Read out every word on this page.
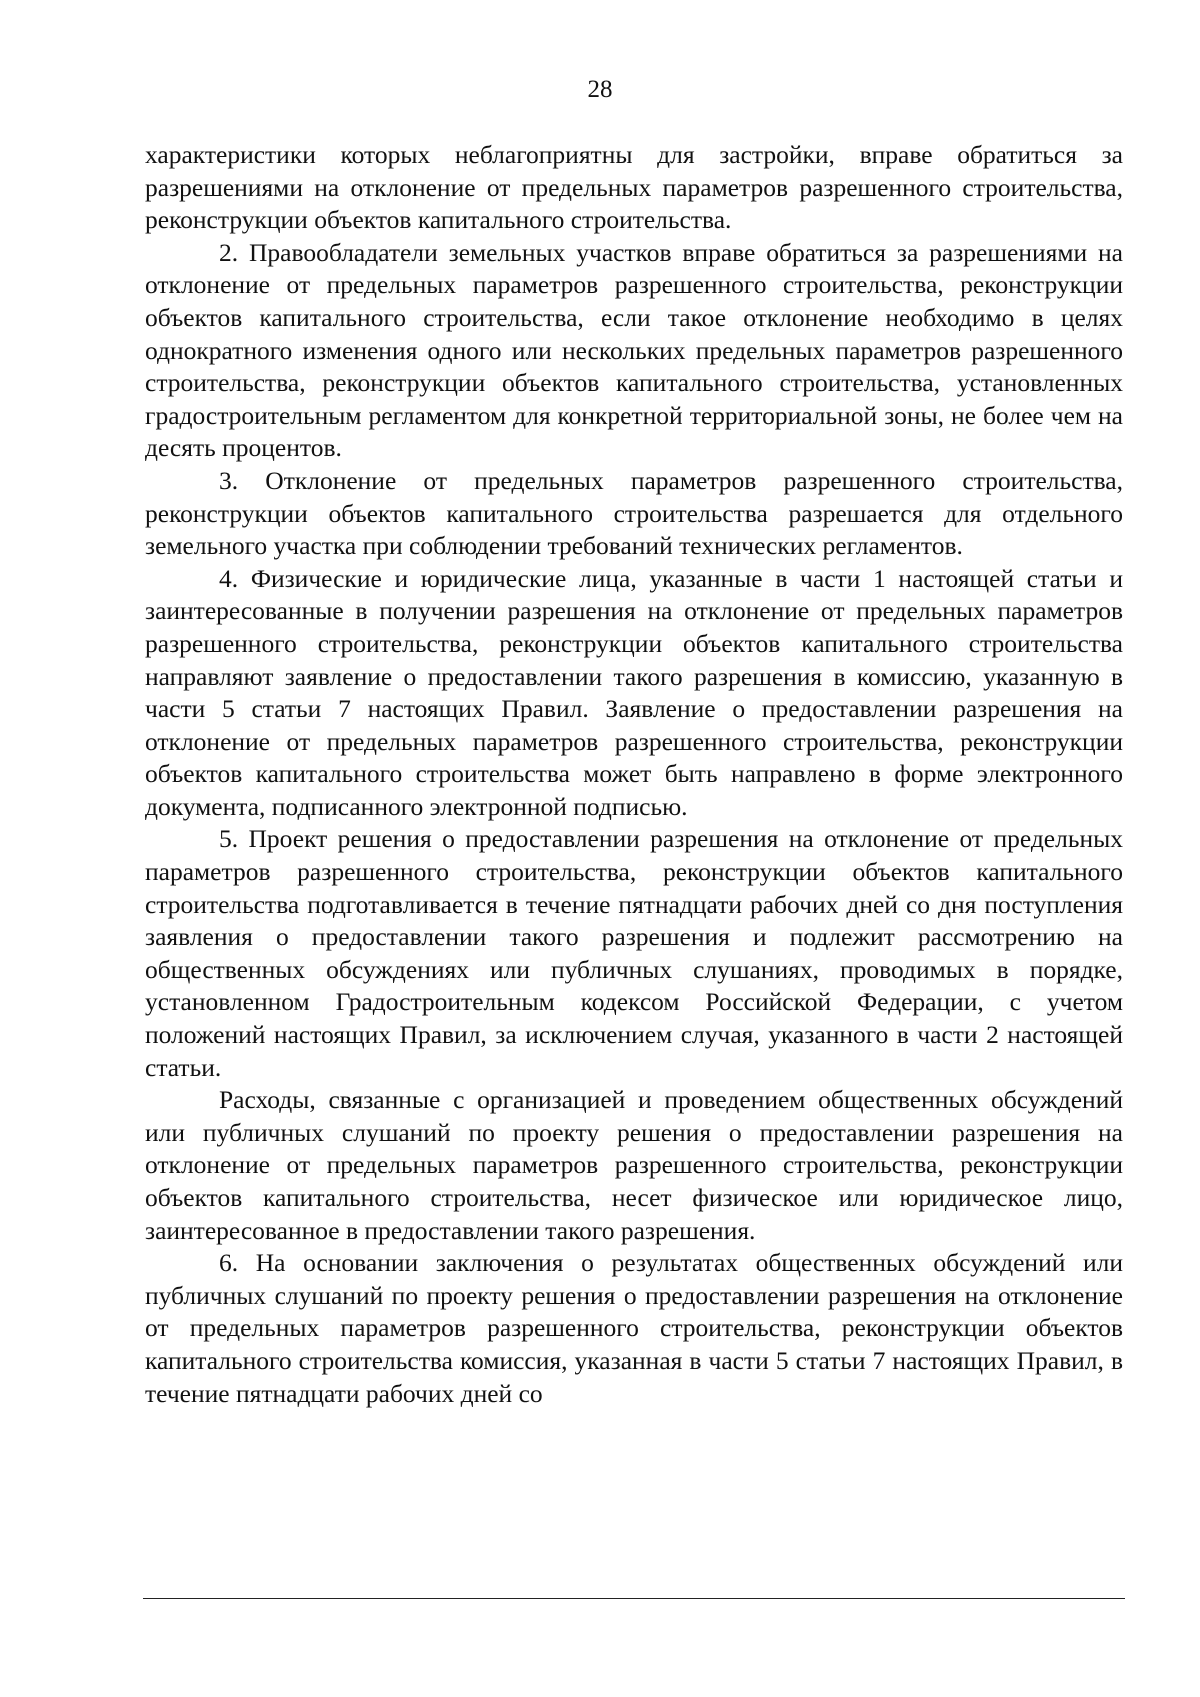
28

характеристики которых неблагоприятны для застройки, вправе обратиться за разрешениями на отклонение от предельных параметров разрешенного строительства, реконструкции объектов капитального строительства.

2. Правообладатели земельных участков вправе обратиться за разрешениями на отклонение от предельных параметров разрешенного строительства, реконструкции объектов капитального строительства, если такое отклонение необходимо в целях однократного изменения одного или нескольких предельных параметров разрешенного строительства, реконструкции объектов капитального строительства, установленных градостроительным регламентом для конкретной территориальной зоны, не более чем на десять процентов.

3. Отклонение от предельных параметров разрешенного строительства, реконструкции объектов капитального строительства разрешается для отдельного земельного участка при соблюдении требований технических регламентов.

4. Физические и юридические лица, указанные в части 1 настоящей статьи и заинтересованные в получении разрешения на отклонение от предельных параметров разрешенного строительства, реконструкции объектов капитального строительства направляют заявление о предоставлении такого разрешения в комиссию, указанную в части 5 статьи 7 настоящих Правил. Заявление о предоставлении разрешения на отклонение от предельных параметров разрешенного строительства, реконструкции объектов капитального строительства может быть направлено в форме электронного документа, подписанного электронной подписью.

5. Проект решения о предоставлении разрешения на отклонение от предельных параметров разрешенного строительства, реконструкции объектов капитального строительства подготавливается в течение пятнадцати рабочих дней со дня поступления заявления о предоставлении такого разрешения и подлежит рассмотрению на общественных обсуждениях или публичных слушаниях, проводимых в порядке, установленном Градостроительным кодексом Российской Федерации, с учетом положений настоящих Правил, за исключением случая, указанного в части 2 настоящей статьи.

Расходы, связанные с организацией и проведением общественных обсуждений или публичных слушаний по проекту решения о предоставлении разрешения на отклонение от предельных параметров разрешенного строительства, реконструкции объектов капитального строительства, несет физическое или юридическое лицо, заинтересованное в предоставлении такого разрешения.

6. На основании заключения о результатах общественных обсуждений или публичных слушаний по проекту решения о предоставлении разрешения на отклонение от предельных параметров разрешенного строительства, реконструкции объектов капитального строительства комиссия, указанная в части 5 статьи 7 настоящих Правил, в течение пятнадцати рабочих дней со
